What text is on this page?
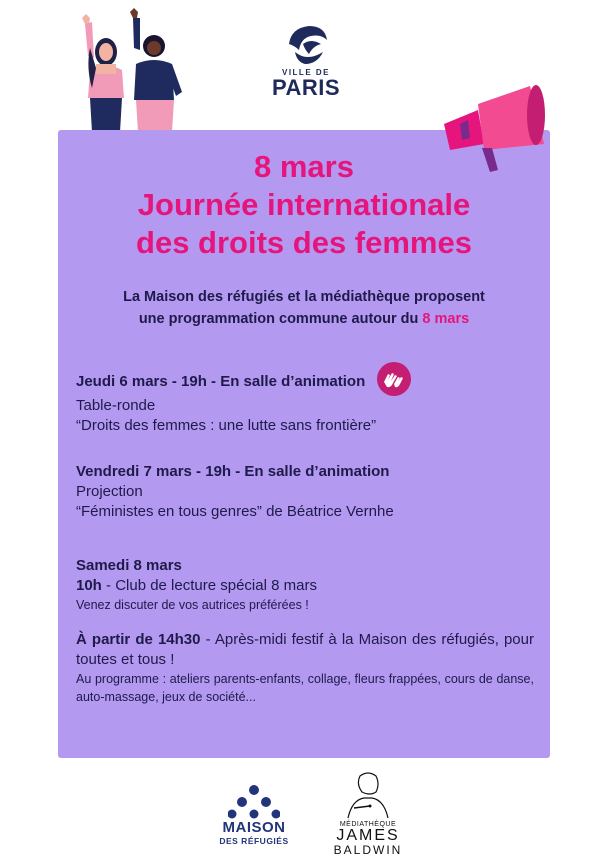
VILLE DE
PARIS
8 mars
Journée internationale
des droits des femmes
La Maison des réfugiés et la médiathèque proposent
une programmation commune autour du 8 mars
Jeudi 6 mars - 19h - En salle d’animation
Table-ronde
“Droits des femmes : une lutte sans frontière”
Vendredi 7 mars - 19h - En salle d’animation
Projection
“Féministes en tous genres” de Béatrice Vernhe
Samedi 8 mars
10h - Club de lecture spécial 8 mars
Venez discuter de vos autrices préférées !
À partir de 14h30 - Après-midi festif à la Maison des réfugiés, pour toutes et tous !
Au programme : ateliers parents-enfants, collage, fleurs frappées, cours de danse, auto-massage, jeux de société...
MAISON
DES RÉFUGIÉS
MÉDIATHÈQUE
JAMES
BALDWIN
